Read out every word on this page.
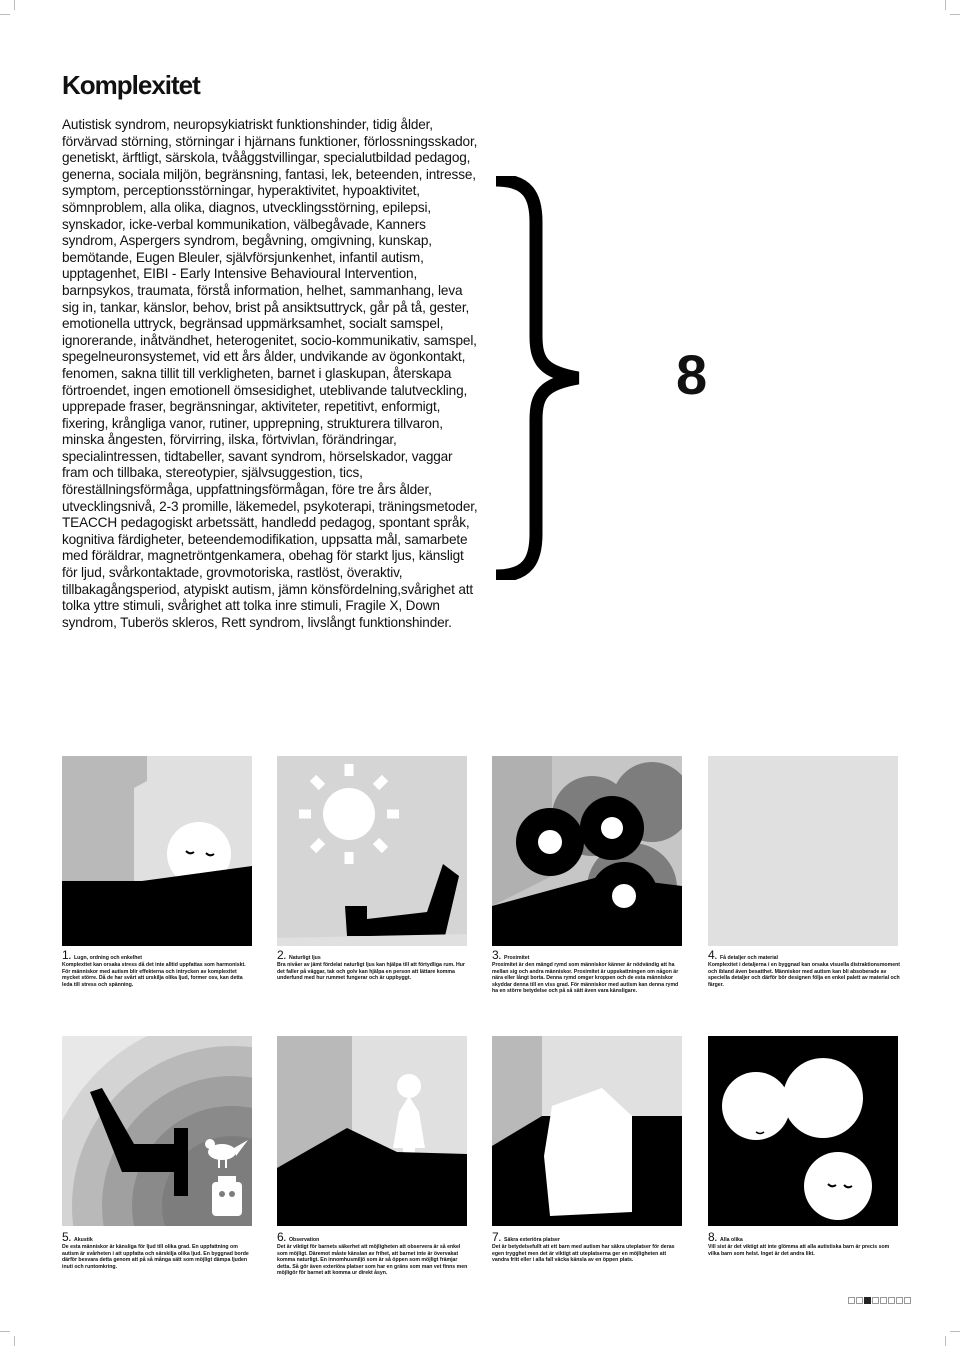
Komplexitet

Autistisk syndrom, neuropsykiatriskt funktionshinder, tidig ålder, förvärvad störning, störningar i hjärnans funktioner, förlossningsskador, genetiskt, ärftligt, särskola, tvååggstvillingar, specialutbildad pedagog, generna, sociala miljön, begränsning, fantasi, lek, beteenden, intresse, symptom, perceptionsstörningar, hyperaktivitet, hypoaktivitet, sömnproblem, alla olika, diagnos, utvecklingsstörning, epilepsi, synskador, icke-verbal kommunikation, välbegåvade, Kanners syndrom, Aspergers syndrom, begåvning, omgivning, kunskap, bemötande, Eugen Bleuler, självförsjunkenhet, infantil autism, upptagenhet, EIBI - Early Intensive Behavioural Intervention, barnpsykos, traumata, förstå information, helhet, sammanhang, leva sig in, tankar, känslor, behov, brist på ansiktsuttryck, går på tå, gester, emotionella uttryck, begränsad uppmärksamhet, socialt samspel, ignorerande, inåtvändhet, heterogenitet, socio-kommunikativ, samspel, spegelneuronsystemet, vid ett års ålder, undvikande av ögonkontakt, fenomen, sakna tillit till verkligheten, barnet i glaskupan, återskapa förtroendet, ingen emotionell ömsesidighet, uteblivande talutveckling, upprepade fraser, begränsningar, aktiviteter, repetitivt, enformigt, fixering, krångliga vanor, rutiner, upprepning, strukturera tillvaron, minska ångesten, förvirring, ilska, förtvivlan, förändringar, specialintressen, tidtabeller, savant syndrom, hörselskador, vaggar fram och tillbaka, stereotypier, självsuggestion, tics, föreställningsförmåga, uppfattningsförmågan, före tre års ålder, utvecklingsnivå, 2-3 promille, läkemedel, psykoterapi, träningsmetoder, TEACCH pedagogiskt arbetssätt, handledd pedagog, spontant språk, kognitiva färdigheter, beteendemodifikation, uppsatta mål, samarbete med föräldrar, magnetröntgenkamera, obehag för starkt ljus, känsligt för ljud, svårkontaktade, grovmotoriska, rastlöst, överaktiv, tillbakagångsperiod, atypiskt autism, jämn könsfördelning,svårighet att tolka yttre stimuli, svårighet att tolka inre stimuli, Fragile X, Down syndrom, Tuberös skleros, Rett syndrom, livslångt funktionshinder.

8
1. Lugn, ordning och enkelhet
Komplexitet kan orsaka stress då det inte alltid uppfattas som harmoniskt. För människor med autism blir effekterna och intrycken av komplexitet mycket större. Då de har svårt att urskilja olika ljud, former osv, kan detta leda till stress och spänning.
2. Naturligt ljus
Bra nivåer av jämt fördelat naturligt ljus kan hjälpa till att förtydliga rum. Hur det faller på väggar, tak och golv kan hjälpa en person att lättare komma underfund med hur rummet fungerar och är uppbyggt.
3. Proximitet
Proximitet är den mängd rymd som människor känner är nödvändig att ha mellan sig och andra människor. Proximitet är uppskattningen om någon är nära eller långt borta. Denna rymd omger kroppen och de esta människor skyddar denna till en viss grad. För människor med autism kan denna rymd ha en större betydelse och på så sätt även vara känsligare.
4. Få detaljer och material
Komplexitet i detaljerna i en byggnad kan orsaka visuella distraktionsmoment och ibland även besatthet. Människor med autism kan bli absoberade av speciella detaljer och därför bör designen följa en enkel palett av material och färger.
5. Akustik
De esta människor är känsliga för ljud till olika grad. En uppfattning om autism är svårheten i att uppfatta och särskilja olika ljud. En byggnad borde därför besvara detta genom att på så många sätt som möjligt dämpa ljuden inuti och runtomkring.
6. Observation
Det är viktigt för barnets säkerhet att möjligheten att observera är så enkel som möjligt. Däremot måste känslan av frihet, att barnet inte är övervakat komma naturligt. En innomhusmiljö som är så öppen som möjligt främjar detta. Så gör även exteriöra platser som har en gräns som man vet finns men möjligör för barnet att komma ur direkt åsyn.
7. Säkra exteriöra platser
Det är betydelsefullt att ett barn med autism har säkra uteplatser för deras egen trygghet men det är viktigt att uteplatserna ger en möjligheten att vandra fritt eller i alla fall väcka känsla av en öppen plats.
8. Alla olika
Vill sist är det viktigt att inte glömma att alla autistiska barn är precis som vilka barn som helst. Inget är det andra likt.
